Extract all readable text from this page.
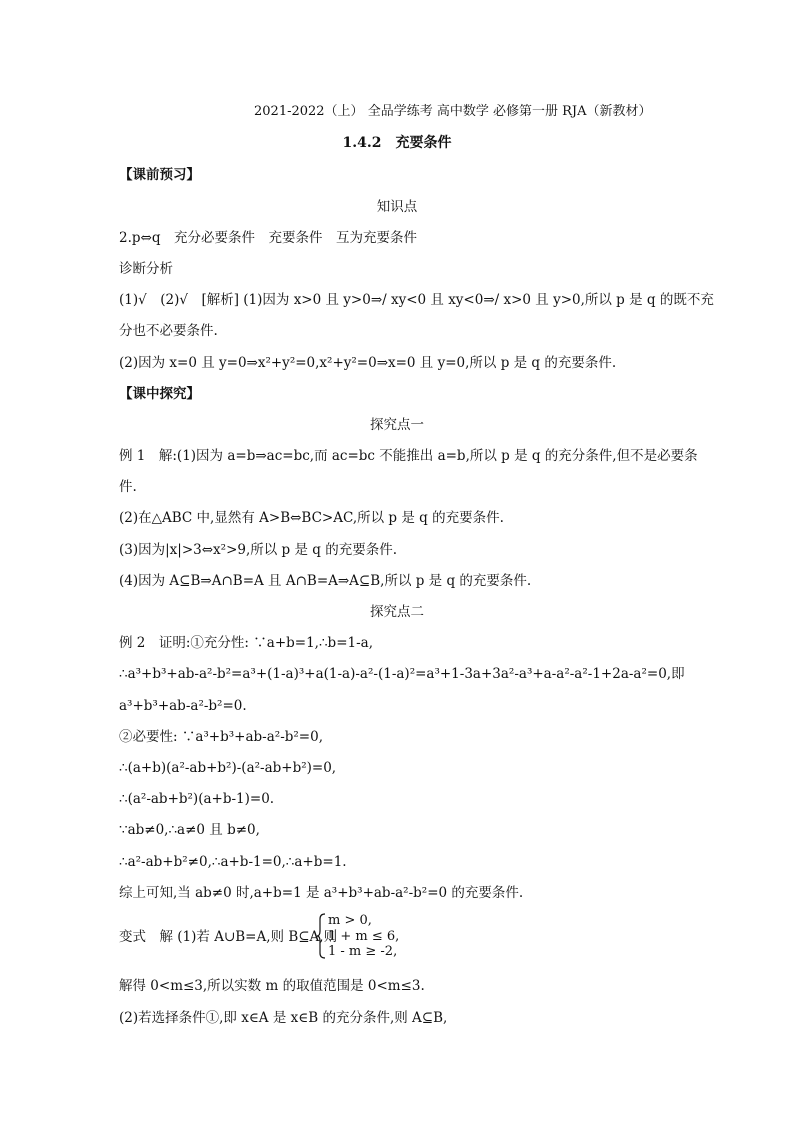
2021-2022（上） 全品学练考 高中数学 必修第一册 RJA（新教材）
1.4.2　充要条件
【课前预习】
知识点
2.p⇔q　充分必要条件　充要条件　互为充要条件
诊断分析
(1)√　(2)√　[解析] (1)因为 x>0 且 y>0⇒/ xy<0 且 xy<0⇒/ x>0 且 y>0,所以 p 是 q 的既不充
分也不必要条件.
(2)因为 x=0 且 y=0⇒x²+y²=0,x²+y²=0⇒x=0 且 y=0,所以 p 是 q 的充要条件.
【课中探究】
探究点一
例 1　解:(1)因为 a=b⇒ac=bc,而 ac=bc 不能推出 a=b,所以 p 是 q 的充分条件,但不是必要条
件.
(2)在△ABC 中,显然有 A>B⇔BC>AC,所以 p 是 q 的充要条件.
(3)因为|x|>3⇔x²>9,所以 p 是 q 的充要条件.
(4)因为 A⊆B⇒A∩B=A 且 A∩B=A⇒A⊆B,所以 p 是 q 的充要条件.
探究点二
例 2　证明:①充分性: ∵a+b=1,∴b=1-a,
∴a³+b³+ab-a²-b²=a³+(1-a)³+a(1-a)-a²-(1-a)²=a³+1-3a+3a²-a³+a-a²-a²-1+2a-a²=0,即
a³+b³+ab-a²-b²=0.
②必要性: ∵a³+b³+ab-a²-b²=0,
∴(a+b)(a²-ab+b²)-(a²-ab+b²)=0,
∴(a²-ab+b²)(a+b-1)=0.
∵ab≠0,∴a≠0 且 b≠0,
∴a²-ab+b²≠0,∴a+b-1=0,∴a+b=1.
综上可知,当 ab≠0 时,a+b=1 是 a³+b³+ab-a²-b²=0 的充要条件.
变式　解 (1)若 A∪B=A,则 B⊆A,则
m > 0,
1 + m ≤ 6,
1 - m ≥ -2,
解得 0<m≤3,所以实数 m 的取值范围是 0<m≤3.
(2)若选择条件①,即 x∈A 是 x∈B 的充分条件,则 A⊆B,
